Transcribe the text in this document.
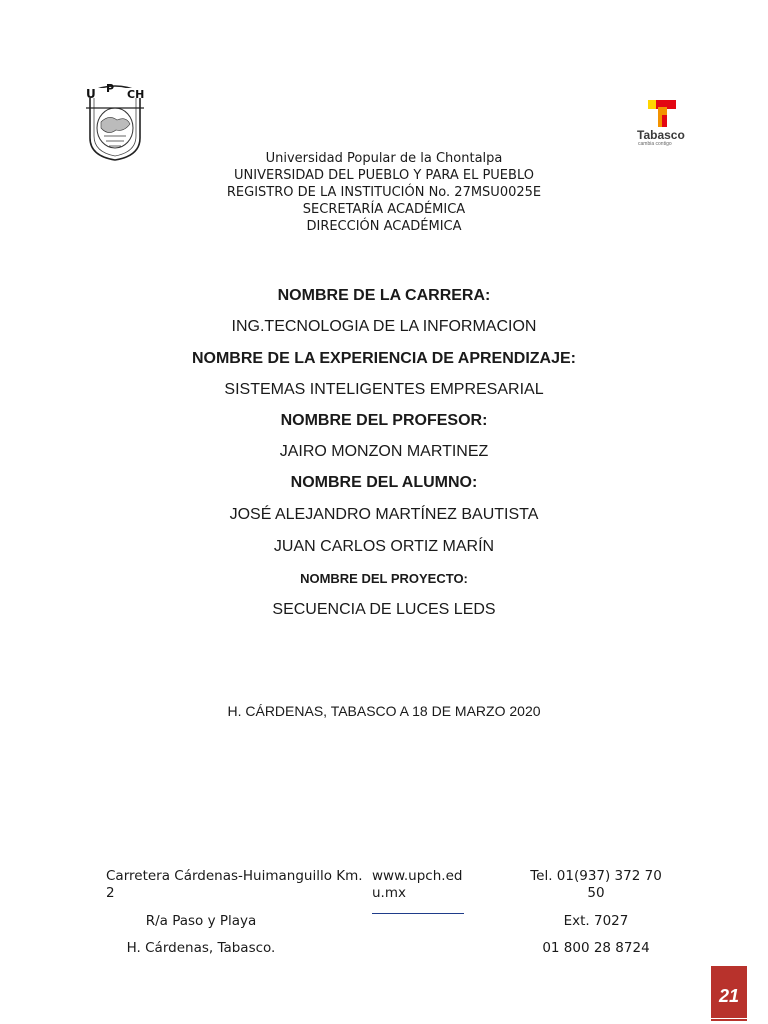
U P CH
Tabasco
cambia contigo
Universidad Popular de la Chontalpa
UNIVERSIDAD DEL PUEBLO Y PARA EL PUEBLO
REGISTRO DE LA INSTITUCIÓN No. 27MSU0025E
SECRETARÍA ACADÉMICA
DIRECCIÓN ACADÉMICA
NOMBRE DE LA CARRERA:
ING.TECNOLOGIA DE LA INFORMACION
NOMBRE DE LA EXPERIENCIA DE APRENDIZAJE:
SISTEMAS INTELIGENTES EMPRESARIAL
NOMBRE DEL PROFESOR:
JAIRO MONZON MARTINEZ
NOMBRE DEL ALUMNO:
JOSÉ ALEJANDRO MARTÍNEZ BAUTISTA
JUAN CARLOS ORTIZ MARÍN
NOMBRE DEL PROYECTO:
SECUENCIA DE LUCES LEDS
H. CÁRDENAS, TABASCO A 18 DE MARZO 2020
Carretera Cárdenas-Huimanguillo Km. 2
www.upch.edu.mx
Tel. 01(937) 372 70 50
R/a Paso y Playa	Ext. 7027
H. Cárdenas, Tabasco.	01 800 28 8724
21
